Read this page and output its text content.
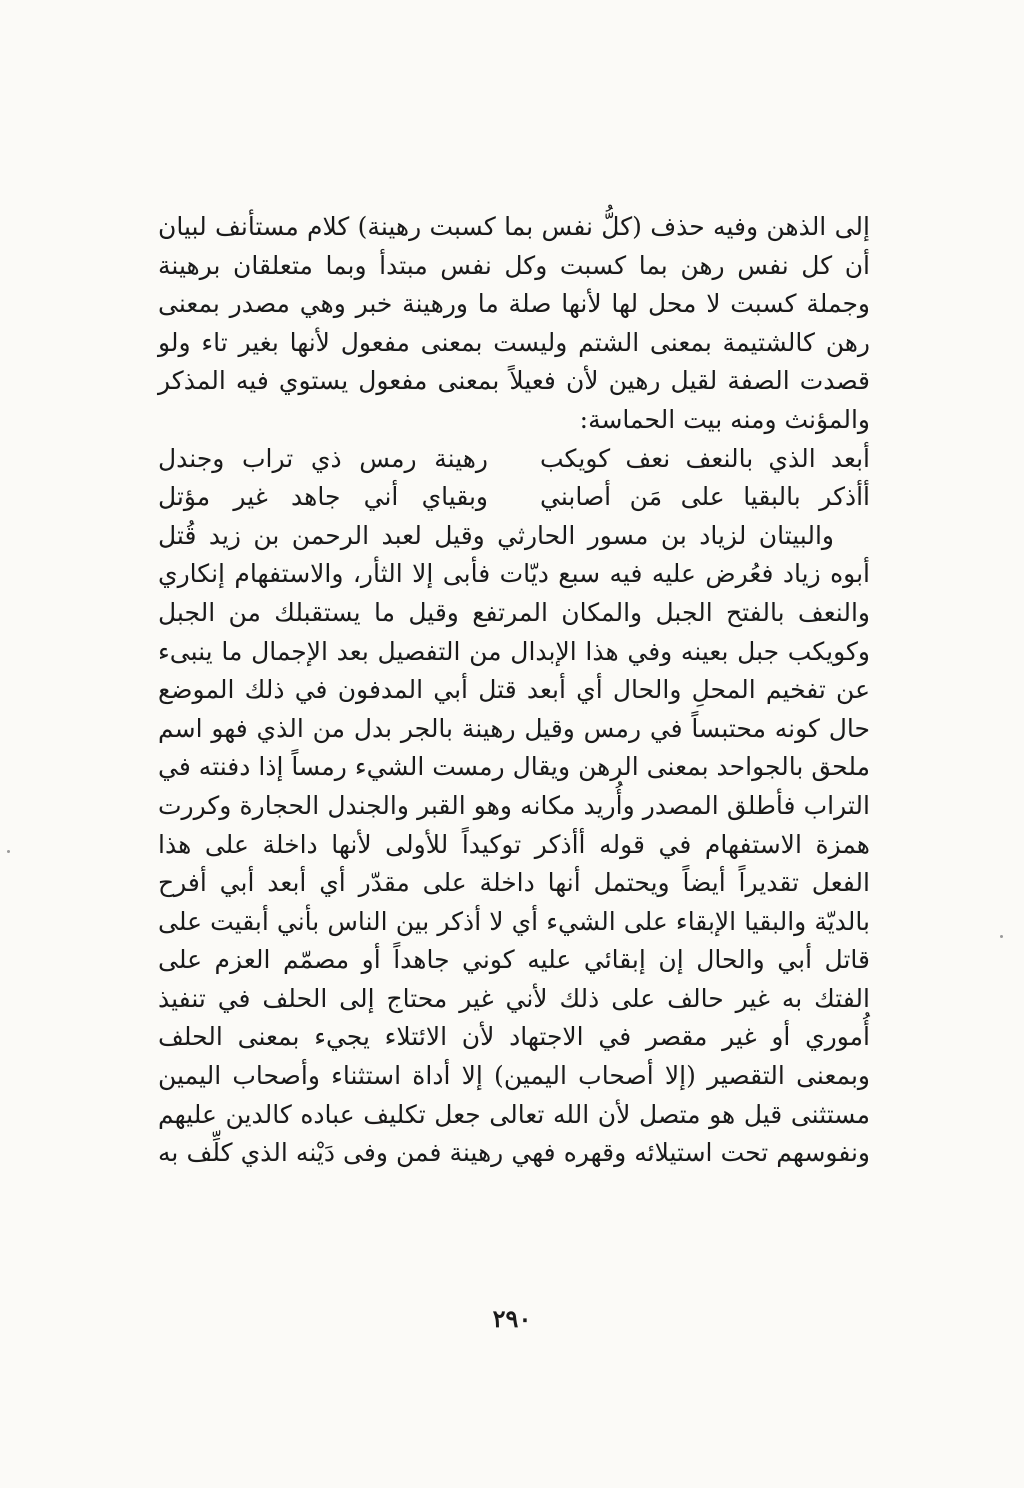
إلى الذهن وفيه حذف (كلُّ نفس بما كسبت رهينة) كلام مستأنف لبيان
أن كل نفس رهن بما كسبت وكل نفس مبتدأ وبما متعلقان برهينة
وجملة كسبت لا محل لها لأنها صلة ما ورهينة خبر وهي مصدر بمعنى
رهن كالشتيمة بمعنى الشتم وليست بمعنى مفعول لأنها بغير تاء ولو
قصدت الصفة لقيل رهين لأن فعيلاً بمعنى مفعول يستوي فيه المذكر
والمؤنث ومنه بيت الحماسة:
أبعد الذي بالنعف نعف كويكب
رهينة رمس ذي تراب وجندل
أأذكر بالبقيا على مَن أصابني
وبقياي أني جاهد غير مؤتل
والبيتان لزياد بن مسور الحارثي وقيل لعبد الرحمن بن زيد قُتل
أبوه زياد فعُرض عليه فيه سبع ديّات فأبى إلا الثأر، والاستفهام إنكاري
والنعف بالفتح الجبل والمكان المرتفع وقيل ما يستقبلك من الجبل
وكويكب جبل بعينه وفي هذا الإبدال من التفصيل بعد الإجمال ما ينبىء
عن تفخيم المحلِ والحال أي أبعد قتل أبي المدفون في ذلك الموضع
حال كونه محتبساً في رمس وقيل رهينة بالجر بدل من الذي فهو اسم
ملحق بالجواحد بمعنى الرهن ويقال رمست الشيء رمساً إذا دفنته في
التراب فأطلق المصدر وأُريد مكانه وهو القبر والجندل الحجارة وكررت
همزة الاستفهام في قوله أأذكر توكيداً للأولى لأنها داخلة على هذا
الفعل تقديراً أيضاً ويحتمل أنها داخلة على مقدّر أي أبعد أبي أفرح
بالديّة والبقيا الإبقاء على الشيء أي لا أذكر بين الناس بأني أبقيت على
قاتل أبي والحال إن إبقائي عليه كوني جاهداً أو مصمّم العزم على
الفتك به غير حالف على ذلك لأني غير محتاج إلى الحلف في تنفيذ
أُموري أو غير مقصر في الاجتهاد لأن الائتلاء يجيء بمعنى الحلف
وبمعنى التقصير (إلا أصحاب اليمين) إلا أداة استثناء وأصحاب اليمين
مستثنى قيل هو متصل لأن الله تعالى جعل تكليف عباده كالدين عليهم
ونفوسهم تحت استيلائه وقهره فهي رهينة فمن وفى دَيْنه الذي كلِّف به
٢٩٠
